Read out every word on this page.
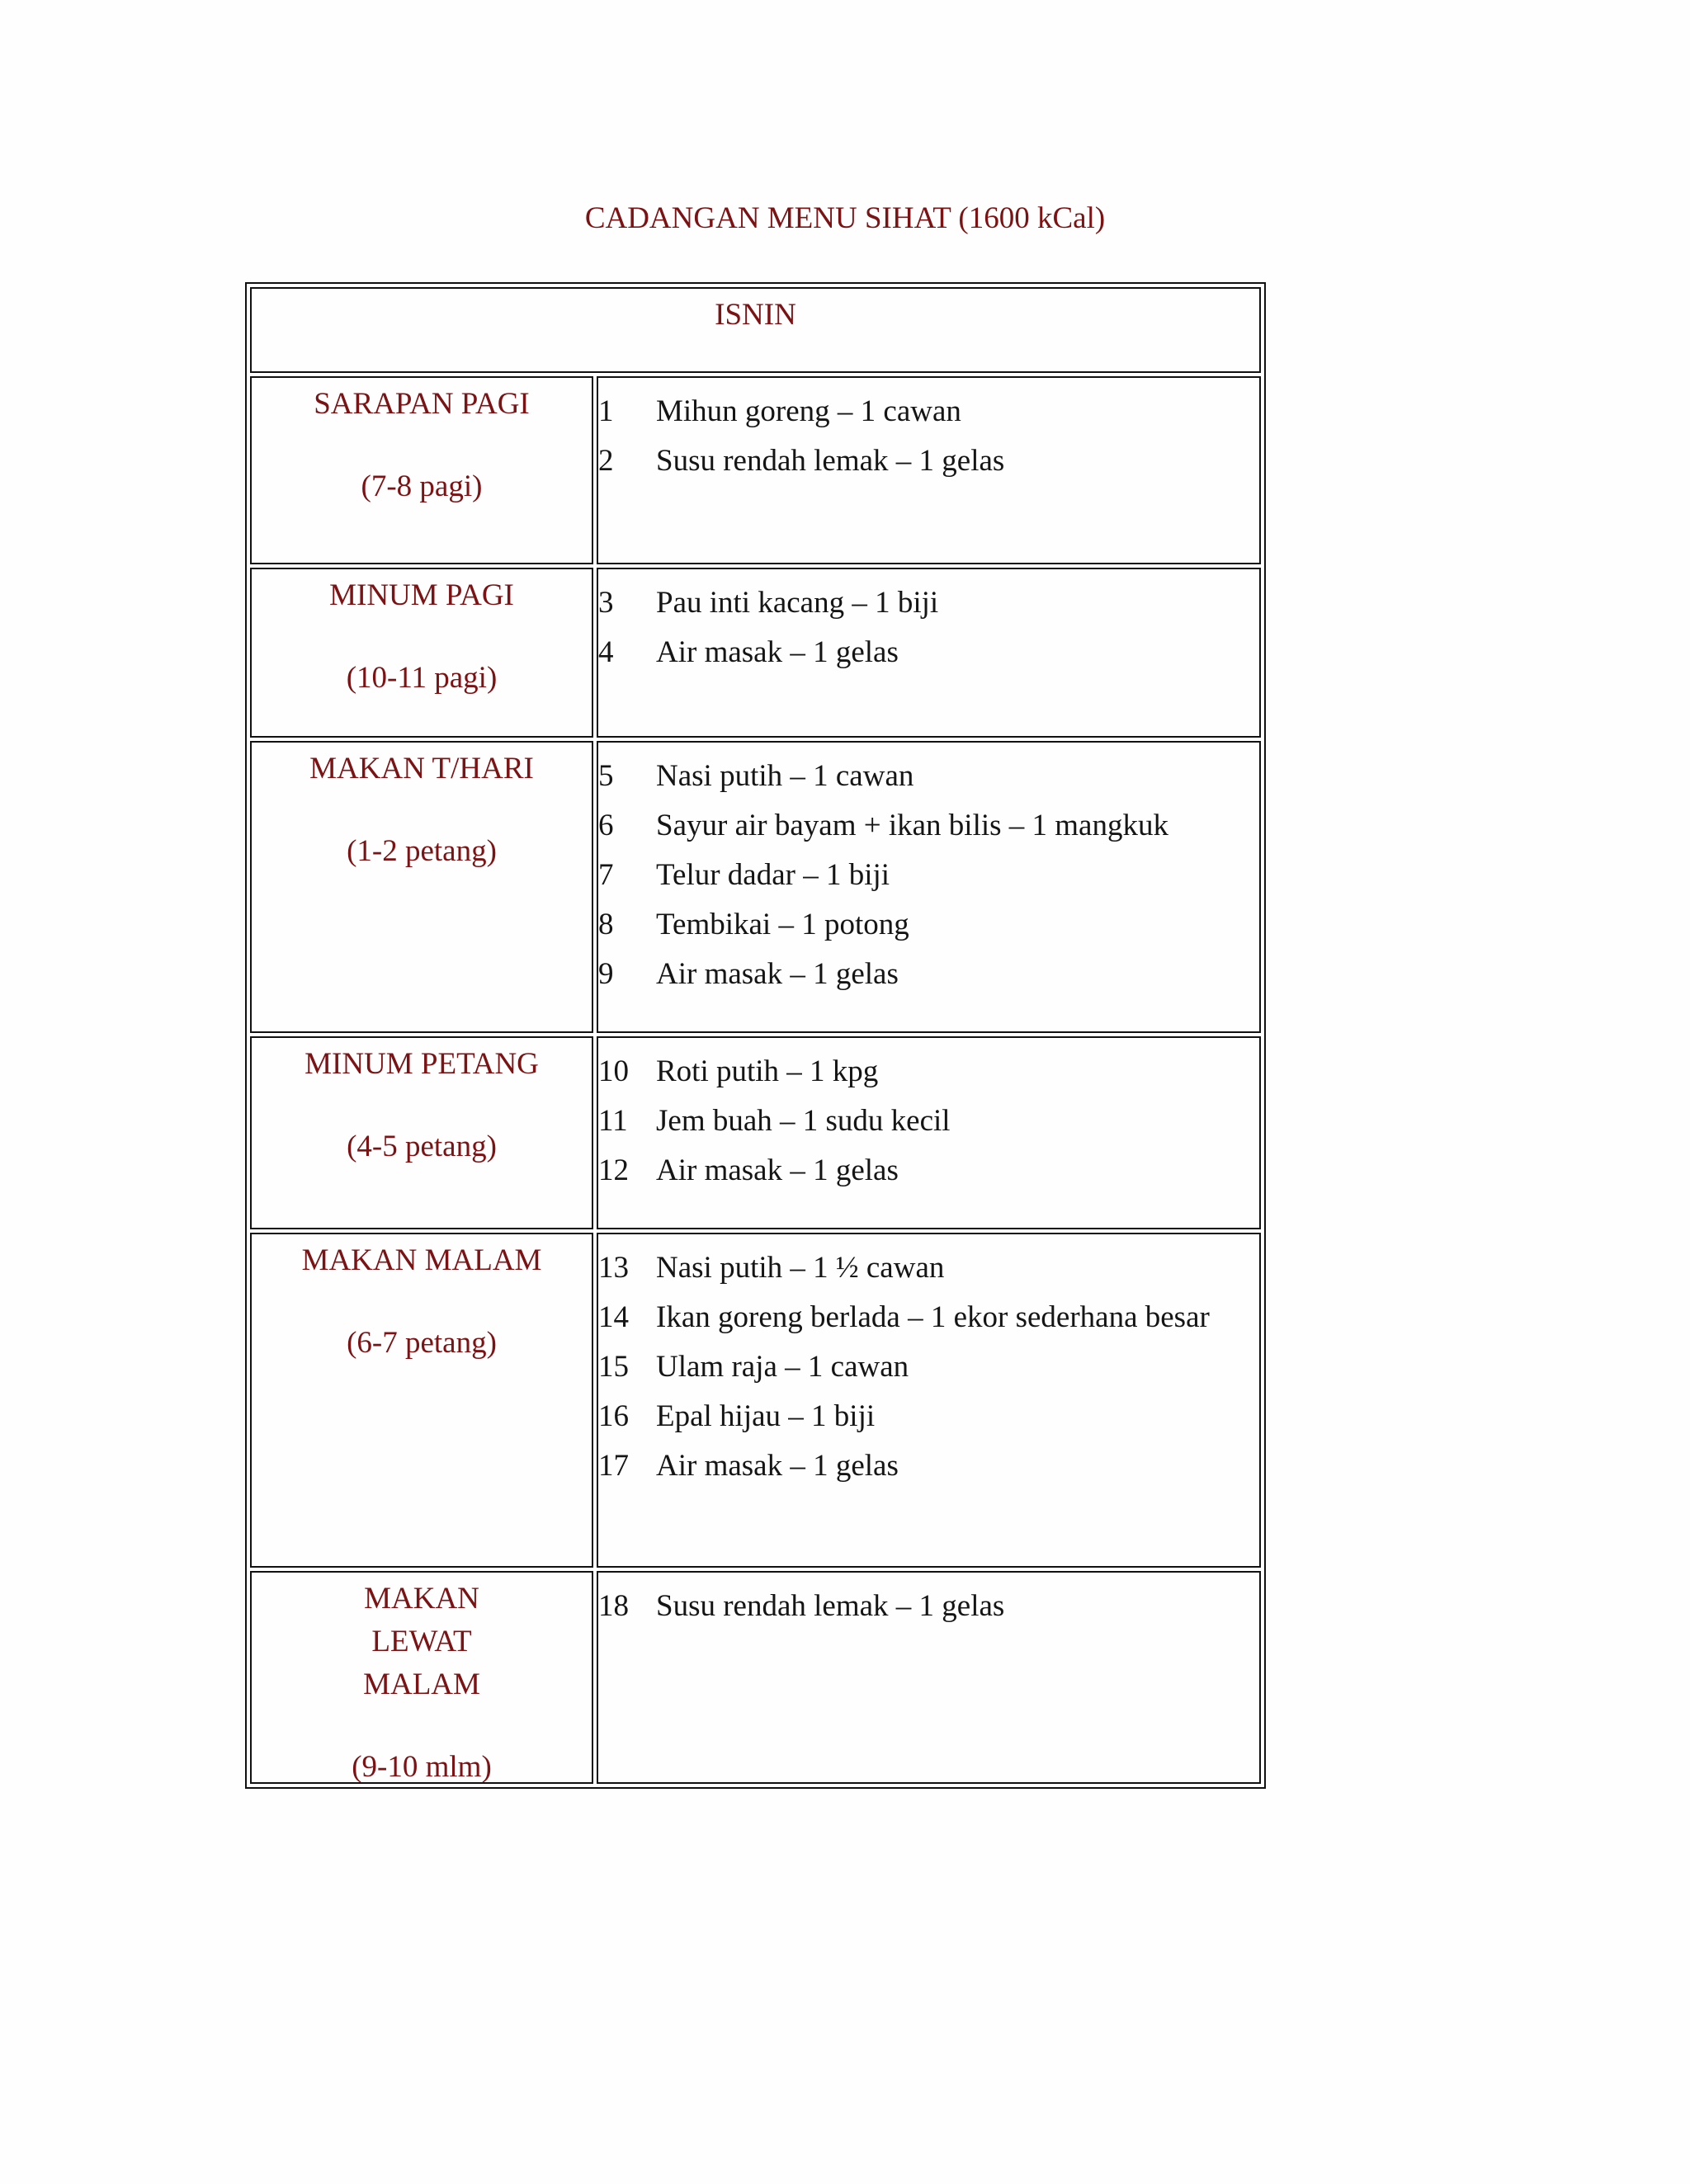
CADANGAN MENU SIHAT (1600 kCal)
ISNIN
SARAPAN PAGI
(7-8 pagi)
1	Mihun goreng – 1 cawan
2	Susu rendah lemak – 1 gelas
MINUM PAGI
(10-11 pagi)
3	Pau inti kacang – 1 biji
4	Air masak – 1 gelas
MAKAN T/HARI
(1-2 petang)
5	Nasi putih – 1 cawan
6	Sayur air bayam + ikan bilis – 1 mangkuk
7	Telur dadar – 1 biji
8	Tembikai – 1 potong
9	Air masak – 1 gelas
MINUM PETANG
(4-5 petang)
10 Roti putih – 1 kpg
11 Jem buah – 1 sudu kecil
12 Air masak – 1 gelas
MAKAN MALAM
(6-7 petang)
13 Nasi putih – 1 ½ cawan
14 Ikan goreng berlada – 1 ekor sederhana besar
15 Ulam raja – 1 cawan
16 Epal hijau – 1 biji
17 Air masak – 1 gelas
MAKAN LEWAT MALAM
(9-10 mlm)
18 Susu rendah lemak – 1 gelas
